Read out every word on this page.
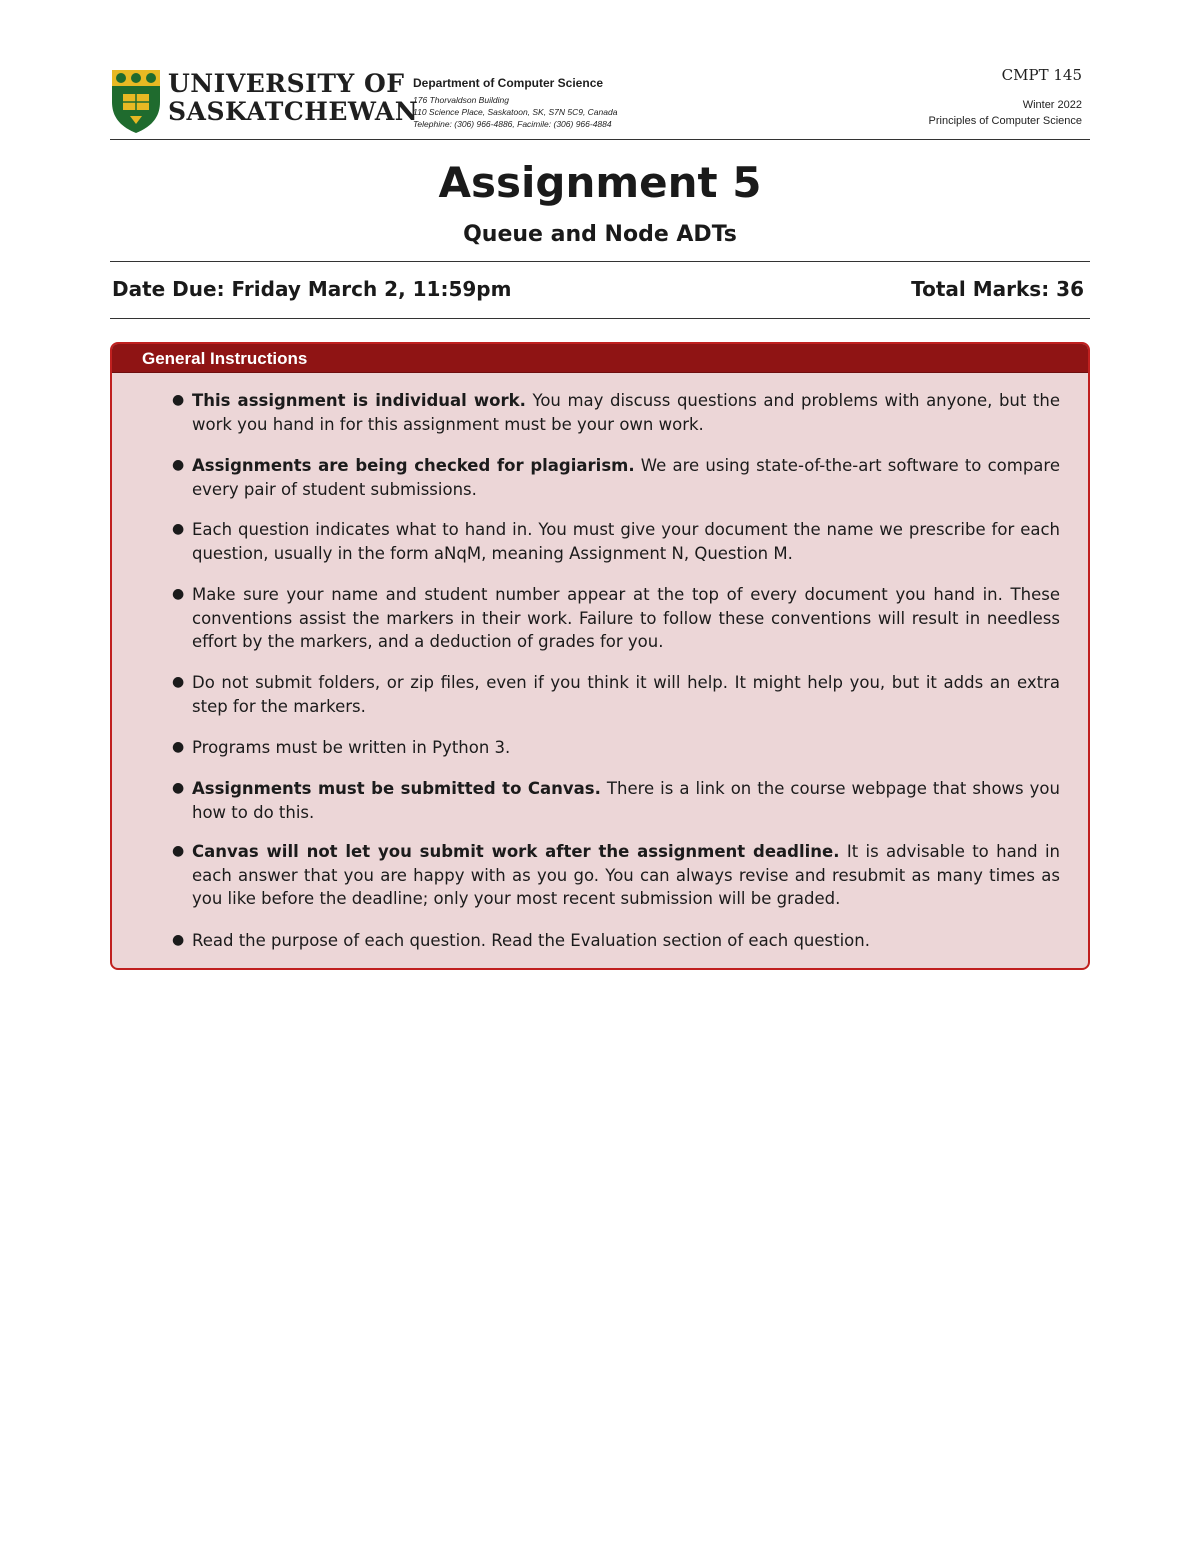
UNIVERSITY OF
SASKATCHEWAN
Department of Computer Science
176 Thorvaldson Building
110 Science Place, Saskatoon, SK, S7N 5C9, Canada
Telephine: (306) 966-4886, Facimile: (306) 966-4884
CMPT 145
Winter 2022
Principles of Computer Science
Assignment 5
Queue and Node ADTs
Date Due: Friday March 2, 11:59pm	Total Marks: 36
General Instructions
● This assignment is individual work. You may discuss questions and problems with anyone, but the work you hand in for this assignment must be your own work.
● Assignments are being checked for plagiarism. We are using state-of-the-art software to compare every pair of student submissions.
● Each question indicates what to hand in. You must give your document the name we prescribe for each question, usually in the form aNqM, meaning Assignment N, Question M.
● Make sure your name and student number appear at the top of every document you hand in. These conventions assist the markers in their work. Failure to follow these conventions will result in needless effort by the markers, and a deduction of grades for you.
● Do not submit folders, or zip files, even if you think it will help. It might help you, but it adds an extra step for the markers.
● Programs must be written in Python 3.
● Assignments must be submitted to Canvas. There is a link on the course webpage that shows you how to do this.
● Canvas will not let you submit work after the assignment deadline. It is advisable to hand in each answer that you are happy with as you go. You can always revise and resubmit as many times as you like before the deadline; only your most recent submission will be graded.
● Read the purpose of each question. Read the Evaluation section of each question.
